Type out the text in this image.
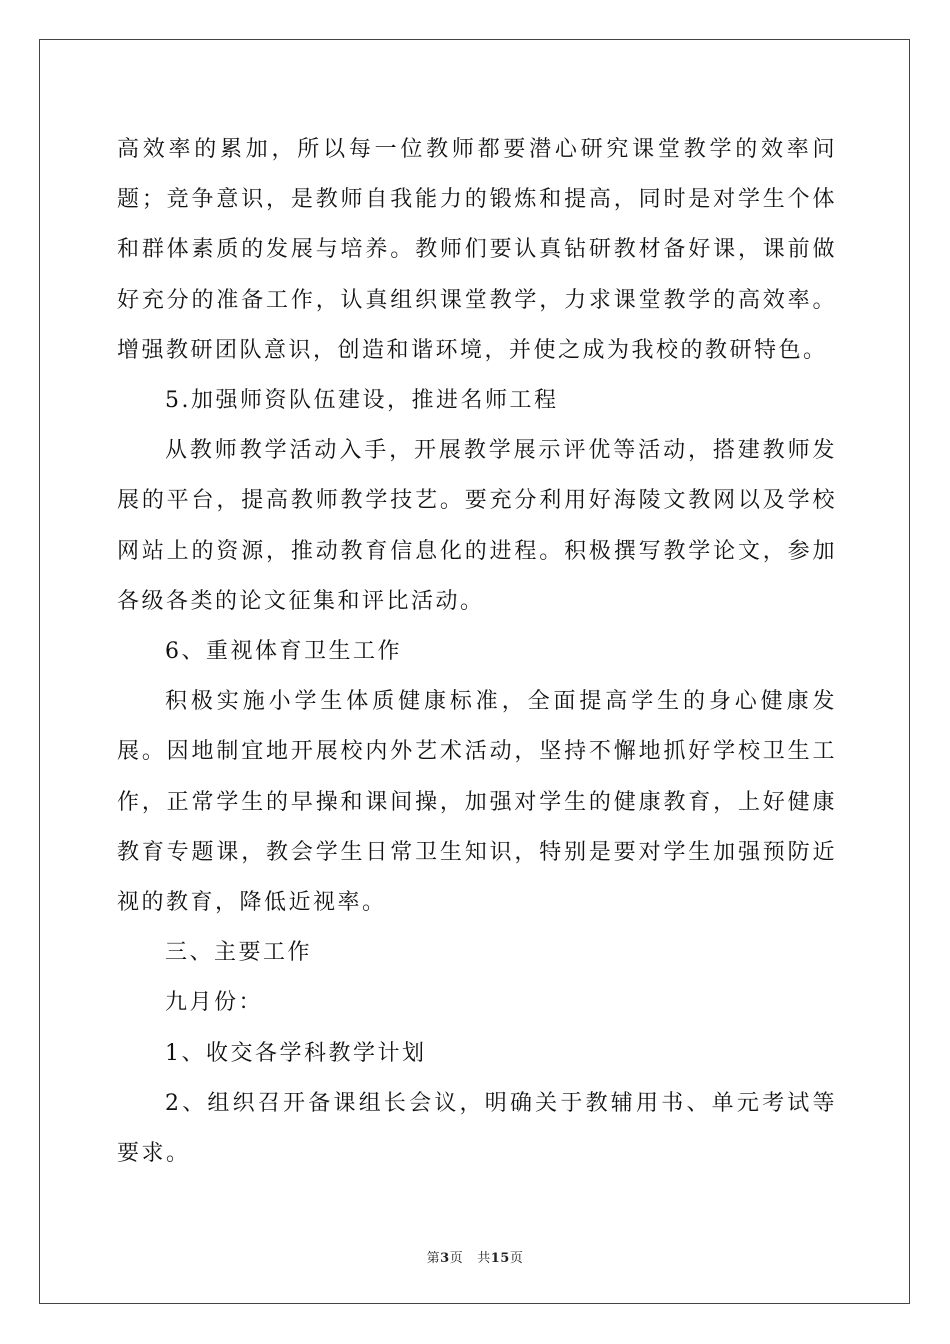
高效率的累加，所以每一位教师都要潜心研究课堂教学的效率问题；竞争意识，是教师自我能力的锻炼和提高，同时是对学生个体和群体素质的发展与培养。教师们要认真钻研教材备好课，课前做好充分的准备工作，认真组织课堂教学，力求课堂教学的高效率。增强教研团队意识，创造和谐环境，并使之成为我校的教研特色。

5.加强师资队伍建设，推进名师工程

从教师教学活动入手，开展教学展示评优等活动，搭建教师发展的平台，提高教师教学技艺。要充分利用好海陵文教网以及学校网站上的资源，推动教育信息化的进程。积极撰写教学论文，参加各级各类的论文征集和评比活动。

6、重视体育卫生工作

积极实施小学生体质健康标准，全面提高学生的身心健康发展。因地制宜地开展校内外艺术活动，坚持不懈地抓好学校卫生工作，正常学生的早操和课间操，加强对学生的健康教育，上好健康教育专题课，教会学生日常卫生知识，特别是要对学生加强预防近视的教育，降低近视率。

三、主要工作

九月份：

1、收交各学科教学计划

2、组织召开备课组长会议，明确关于教辅用书、单元考试等要求。

第3页 共15页
